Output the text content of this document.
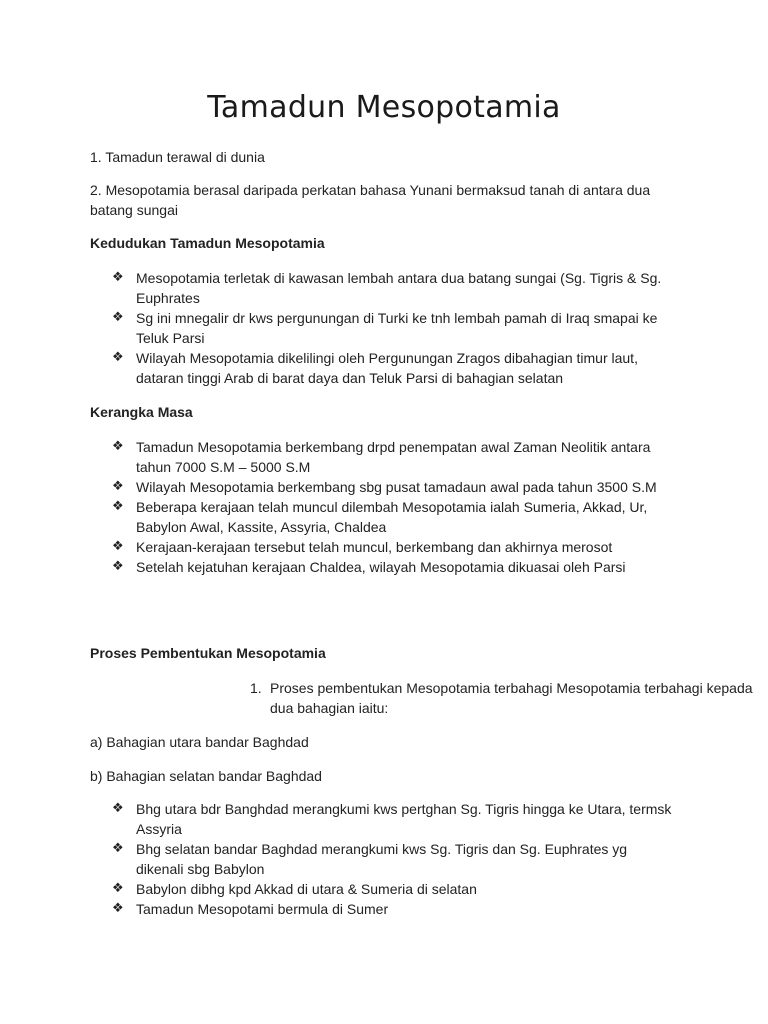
Tamadun Mesopotamia
1. Tamadun terawal di dunia
2. Mesopotamia berasal daripada perkatan bahasa Yunani bermaksud tanah di antara dua batang sungai
Kedudukan Tamadun Mesopotamia
❖ Mesopotamia terletak di kawasan lembah antara dua batang sungai (Sg. Tigris & Sg. Euphrates
❖ Sg ini mnegalir dr kws pergunungan di Turki ke tnh lembah pamah di Iraq smapai ke Teluk Parsi
❖ Wilayah Mesopotamia dikelilingi oleh Pergunungan Zragos dibahagian timur laut, dataran tinggi Arab di barat daya dan Teluk Parsi di bahagian selatan
Kerangka Masa
❖ Tamadun Mesopotamia berkembang drpd penempatan awal Zaman Neolitik antara tahun 7000 S.M – 5000 S.M
❖ Wilayah Mesopotamia berkembang sbg pusat tamadaun awal pada tahun 3500 S.M
❖ Beberapa kerajaan telah muncul dilembah Mesopotamia ialah Sumeria, Akkad, Ur, Babylon Awal, Kassite, Assyria, Chaldea
❖ Kerajaan-kerajaan tersebut telah muncul, berkembang dan akhirnya merosot
❖ Setelah kejatuhan kerajaan Chaldea, wilayah Mesopotamia dikuasai oleh Parsi
Proses Pembentukan Mesopotamia
1. Proses pembentukan Mesopotamia terbahagi Mesopotamia terbahagi kepada dua bahagian iaitu:
a) Bahagian utara bandar Baghdad
b) Bahagian selatan bandar Baghdad
❖ Bhg utara bdr Banghdad merangkumi kws pertghan Sg. Tigris hingga ke Utara, termsk Assyria
❖ Bhg selatan bandar Baghdad merangkumi kws Sg. Tigris dan Sg. Euphrates yg dikenali sbg Babylon
❖ Babylon dibhg kpd Akkad di utara & Sumeria di selatan
❖ Tamadun Mesopotami bermula di Sumer
